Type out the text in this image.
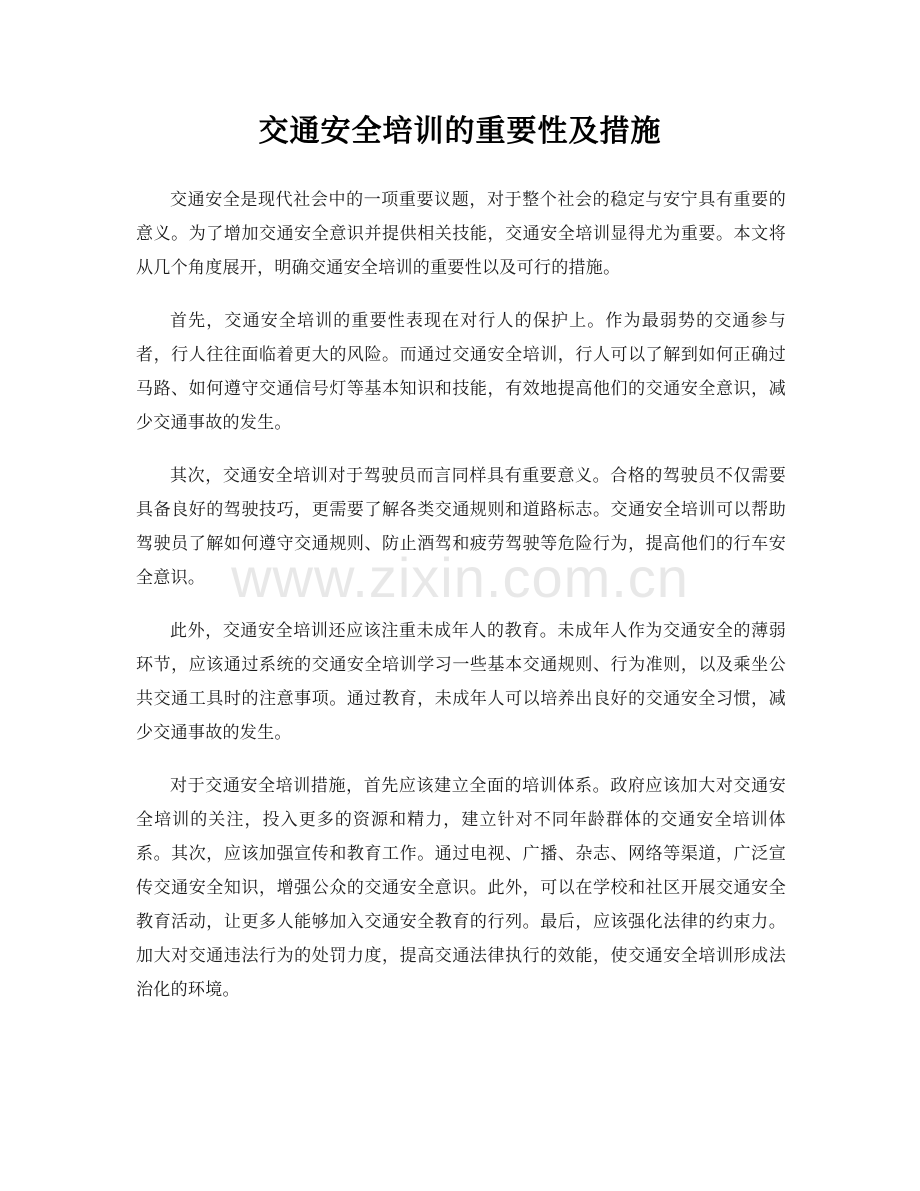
交通安全培训的重要性及措施

交通安全是现代社会中的一项重要议题，对于整个社会的稳定与安宁具有重要的意义。为了增加交通安全意识并提供相关技能，交通安全培训显得尤为重要。本文将从几个角度展开，明确交通安全培训的重要性以及可行的措施。

首先，交通安全培训的重要性表现在对行人的保护上。作为最弱势的交通参与者，行人往往面临着更大的风险。而通过交通安全培训，行人可以了解到如何正确过马路、如何遵守交通信号灯等基本知识和技能，有效地提高他们的交通安全意识，减少交通事故的发生。

其次，交通安全培训对于驾驶员而言同样具有重要意义。合格的驾驶员不仅需要具备良好的驾驶技巧，更需要了解各类交通规则和道路标志。交通安全培训可以帮助驾驶员了解如何遵守交通规则、防止酒驾和疲劳驾驶等危险行为，提高他们的行车安全意识。

此外，交通安全培训还应该注重未成年人的教育。未成年人作为交通安全的薄弱环节，应该通过系统的交通安全培训学习一些基本交通规则、行为准则，以及乘坐公共交通工具时的注意事项。通过教育，未成年人可以培养出良好的交通安全习惯，减少交通事故的发生。

对于交通安全培训措施，首先应该建立全面的培训体系。政府应该加大对交通安全培训的关注，投入更多的资源和精力，建立针对不同年龄群体的交通安全培训体系。其次，应该加强宣传和教育工作。通过电视、广播、杂志、网络等渠道，广泛宣传交通安全知识，增强公众的交通安全意识。此外，可以在学校和社区开展交通安全教育活动，让更多人能够加入交通安全教育的行列。最后，应该强化法律的约束力。加大对交通违法行为的处罚力度，提高交通法律执行的效能，使交通安全培训形成法治化的环境。

www.zixin.com.cn
